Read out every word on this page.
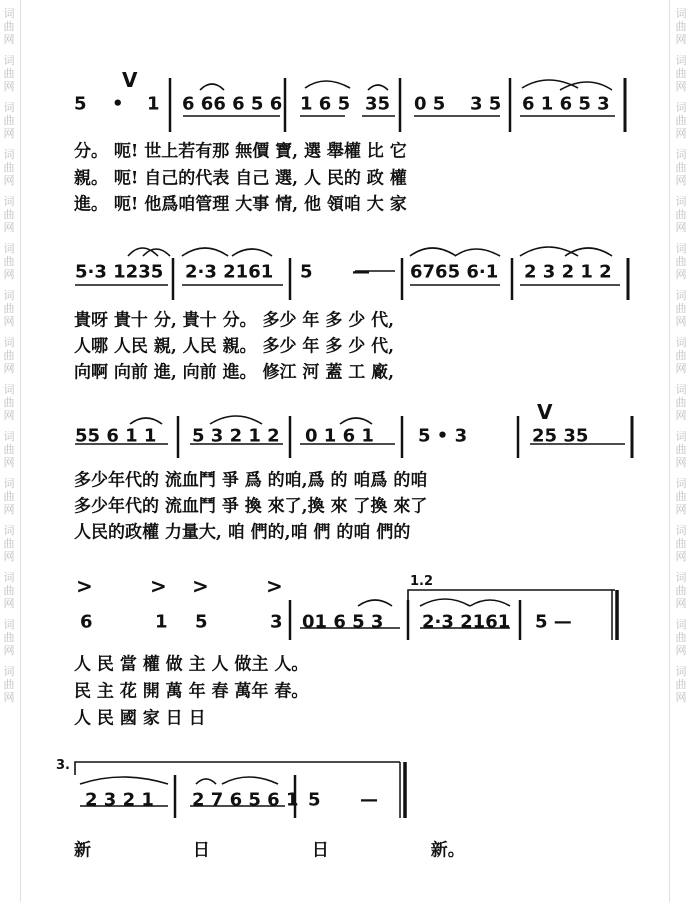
词
曲
网
词
曲
网
词
曲
网
词
曲
网
词
曲
网
词
曲
网
词
曲
网
词
曲
网
词
曲
网
词
曲
网
词
曲
网
词
曲
网
词
曲
网
词
曲
网
词
曲
网
词
曲
网
词
曲
网
词
曲
网
词
曲
网
词
曲
网
词
曲
网
词
曲
网
词
曲
网
词
曲
网
词
曲
网
词
曲
网
词
曲
网
词
曲
网
词
曲
网
词
曲
网
5 • 1 6 66 6 5 6 1 6 5 35 0 5 3 5 6 1 6 5 3
V
分。 呃! 世上若有那 無價 寶, 選 舉權 比 它
親。 呃! 自己的代表 自己 選, 人 民的 政 權
進。 呃! 他爲咱管理 大事 情, 他 領咱 大 家
5·3 1235 2·3 2161 5 — 6765 6·1 2 3 2 1 2
貴呀 貴十 分, 貴十 分。 多少 年 多 少 代,
人哪 人民 親, 人民 親。 多少 年 多 少 代,
向啊 向前 進, 向前 進。 修江 河 蓋 工 廠,
55 6 1 1 5 3 2 1 2 0 1 6 1 5 • 3	25 35
V
多少年代的 流血鬥 爭 爲 的咱,爲 的 咱爲 的咱
多少年代的 流血鬥 爭 換 來了,換 來 了換 來了
人民的政權 力量大, 咱 們的,咱 們 的咱 們的
>	> >	>	1.2
6	1 5	3 01 6 5 3 2·3 2161 5 —
人 民 當 權 做 主 人 做主 人。
民 主 花 開 萬 年 春 萬年 春。
人 民 國 家 日 日
3.
2 3 2 1 2 7 6 5 6 1 5 —
新 日 日 新。
